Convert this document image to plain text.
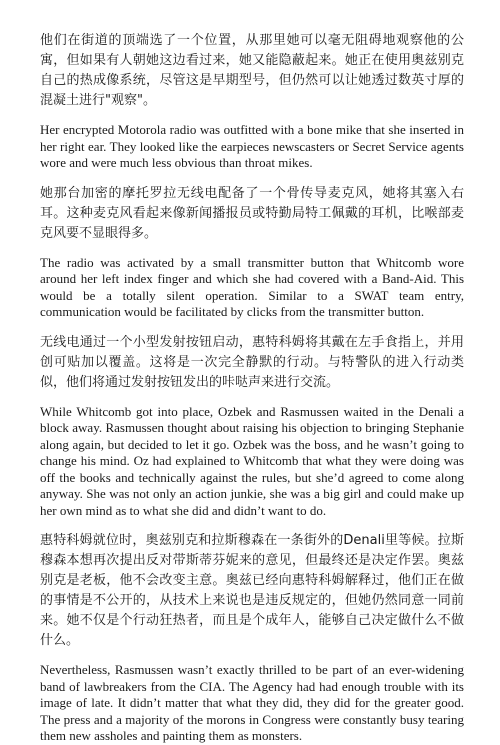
他们在街道的顶端选了一个位置，从那里她可以毫无阻碍地观察他的公寓，但如果有人朝她这边看过来，她又能隐蔽起来。她正在使用奥兹别克自己的热成像系统，尽管这是早期型号，但仍然可以让她透过数英寸厚的混凝土进行"观察"。

Her encrypted Motorola radio was outfitted with a bone mike that she inserted in her right ear. They looked like the earpieces newscasters or Secret Service agents wore and were much less obvious than throat mikes.

她那台加密的摩托罗拉无线电配备了一个骨传导麦克风，她将其塞入右耳。这种麦克风看起来像新闻播报员或特勤局特工佩戴的耳机，比喉部麦克风要不显眼得多。

The radio was activated by a small transmitter button that Whitcomb wore around her left index finger and which she had covered with a Band-Aid. This would be a totally silent operation. Similar to a SWAT team entry, communication would be facilitated by clicks from the transmitter button.

无线电通过一个小型发射按钮启动，惠特科姆将其戴在左手食指上，并用创可贴加以覆盖。这将是一次完全静默的行动。与特警队的进入行动类似，他们将通过发射按钮发出的咔哒声来进行交流。

While Whitcomb got into place, Ozbek and Rasmussen waited in the Denali a block away. Rasmussen thought about raising his objection to bringing Stephanie along again, but decided to let it go. Ozbek was the boss, and he wasn’t going to change his mind. Oz had explained to Whitcomb that what they were doing was off the books and technically against the rules, but she’d agreed to come along anyway. She was not only an action junkie, she was a big girl and could make up her own mind as to what she did and didn’t want to do.

惠特科姆就位时，奥兹别克和拉斯穆森在一条街外的Denali里等候。拉斯穆森本想再次提出反对带斯蒂芬妮来的意见，但最终还是决定作罢。奥兹别克是老板，他不会改变主意。奥兹已经向惠特科姆解释过，他们正在做的事情是不公开的，从技术上来说也是违反规定的，但她仍然同意一同前来。她不仅是个行动狂热者，而且是个成年人，能够自己决定做什么不做什么。

Nevertheless, Rasmussen wasn’t exactly thrilled to be part of an ever-widening band of lawbreakers from the CIA. The Agency had had enough trouble with its image of late. It didn’t matter that what they did, they did for the greater good. The press and a majority of the morons in Congress were constantly busy tearing them new assholes and painting them as monsters.
